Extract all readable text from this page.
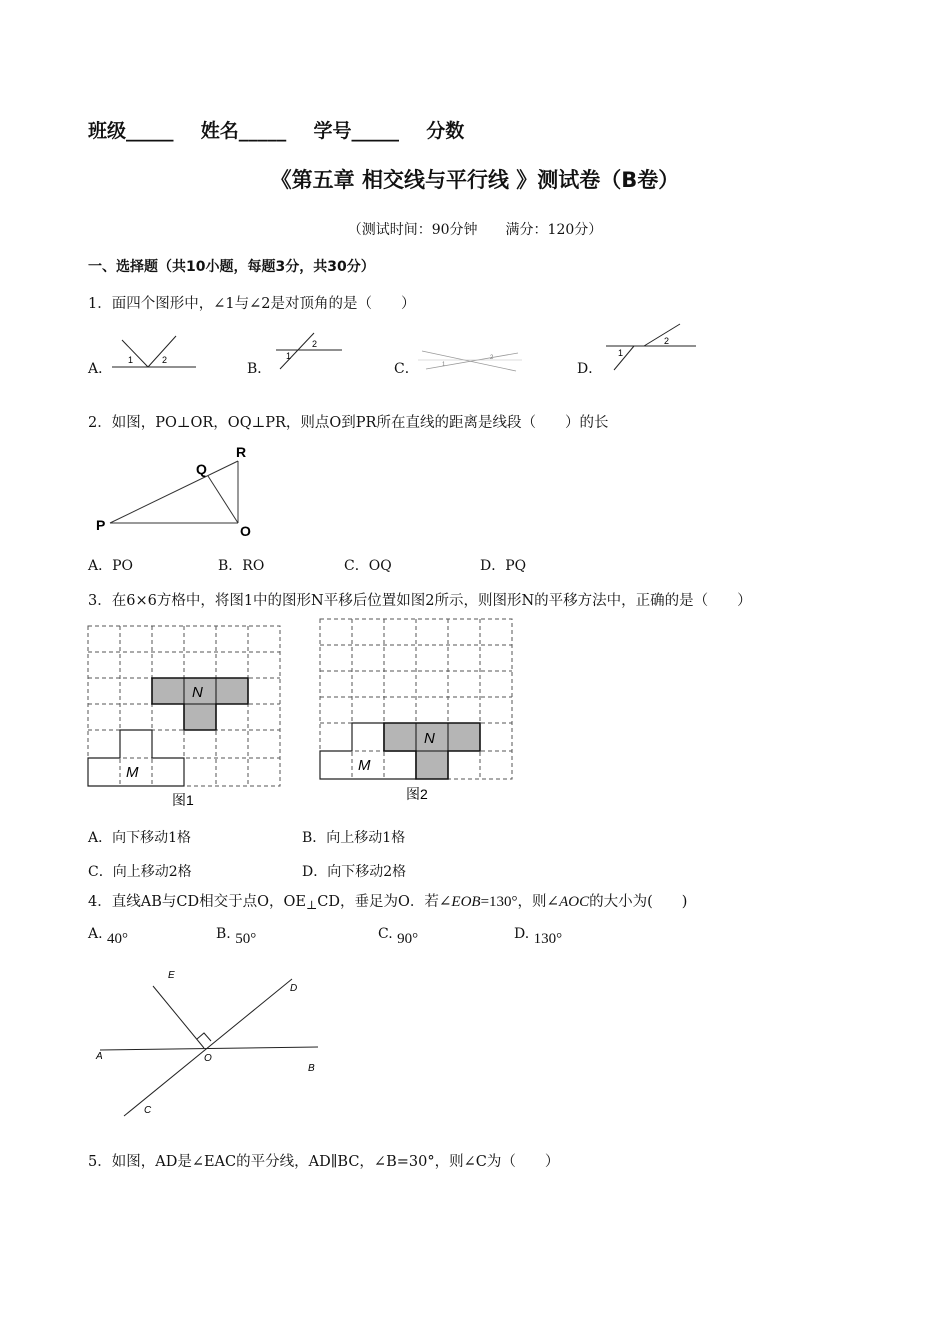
班级_____ 姓名_____ 学号_____ 分数
《第五章 相交线与平行线 》测试卷（B卷）
（测试时间：90分钟　　满分：120分）
一、选择题（共10小题，每题3分，共30分）
1．面四个图形中，∠1与∠2是对顶角的是（　　）
A．
1	2
B．
1
2
C．	1
2
D．
1
2
2．如图，PO⊥OR，OQ⊥PR，则点O到PR所在直线的距离是线段（　　）的长
P
Q
R
O
A．PO	B．RO	C．OQ	D．PQ
3．在6×6方格中，将图1中的图形N平移后位置如图2所示，则图形N的平移方法中，正确的是（　　）
N
M
图1
M
N
图2
A．向下移动1格	B．向上移动1格
C．向上移动2格	D．向下移动2格
4．直线AB与CD相交于点O，$OE_\perp CD$，垂足为O．若∠EOB=130°，则∠AOC的大小为(　　)
A. 40°	B. 50°	C. 90°	D. 130°
A
B
C
D
E
O
5．如图，AD是∠EAC的平分线，AD∥BC，∠B=30°，则∠C为（　　）
